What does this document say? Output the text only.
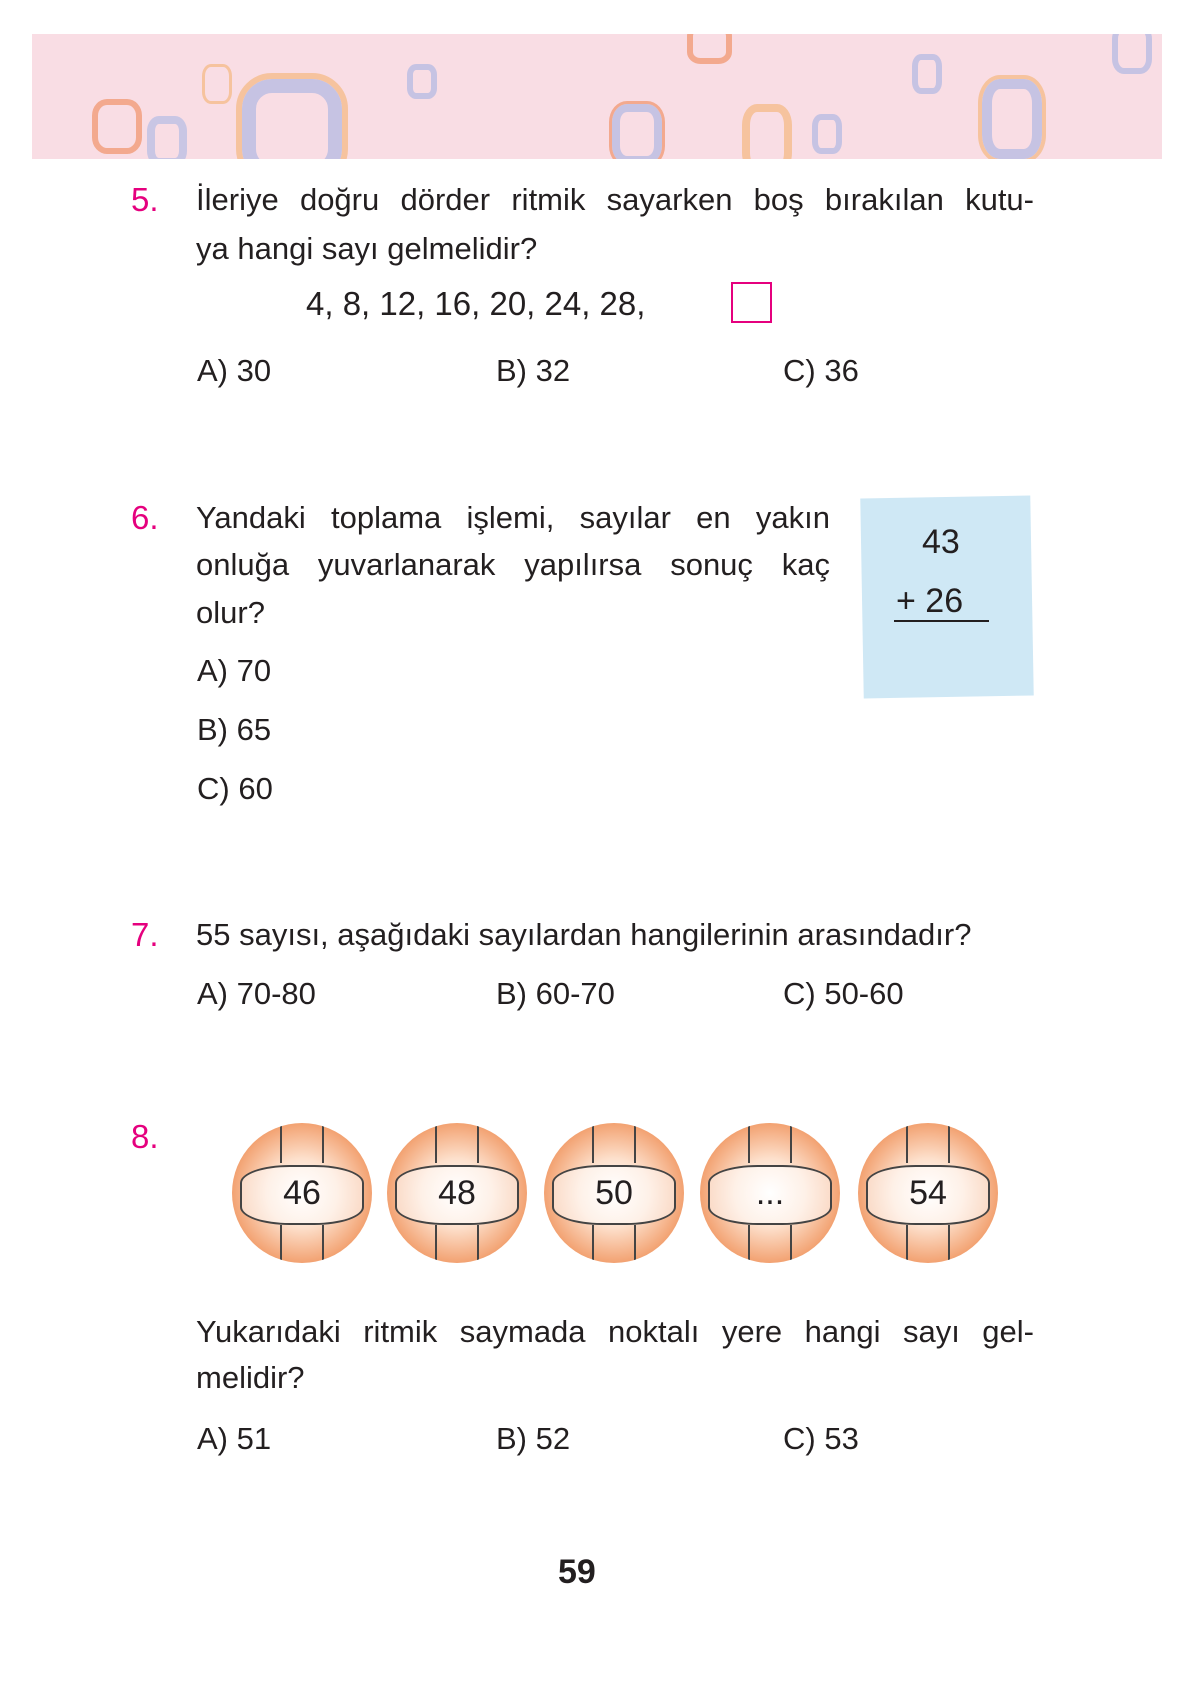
5. İleriye doğru dörder ritmik sayarken boş bırakılan kutu-
ya hangi sayı gelmelidir?
4, 8, 12, 16, 20, 24, 28,
A) 30	B) 32	C) 36
6. Yandaki toplama işlemi, sayılar en yakın
onluğa yuvarlanarak yapılırsa sonuç kaç
olur?
A) 70
B) 65
C) 60
43
+ 26
7. 55 sayısı, aşağıdaki sayılardan hangilerinin arasındadır?
A) 70-80	B) 60-70	C) 50-60
8.
46	48	50	...	54
Yukarıdaki ritmik saymada noktalı yere hangi sayı gel-
melidir?
A) 51	B) 52	C) 53
59
